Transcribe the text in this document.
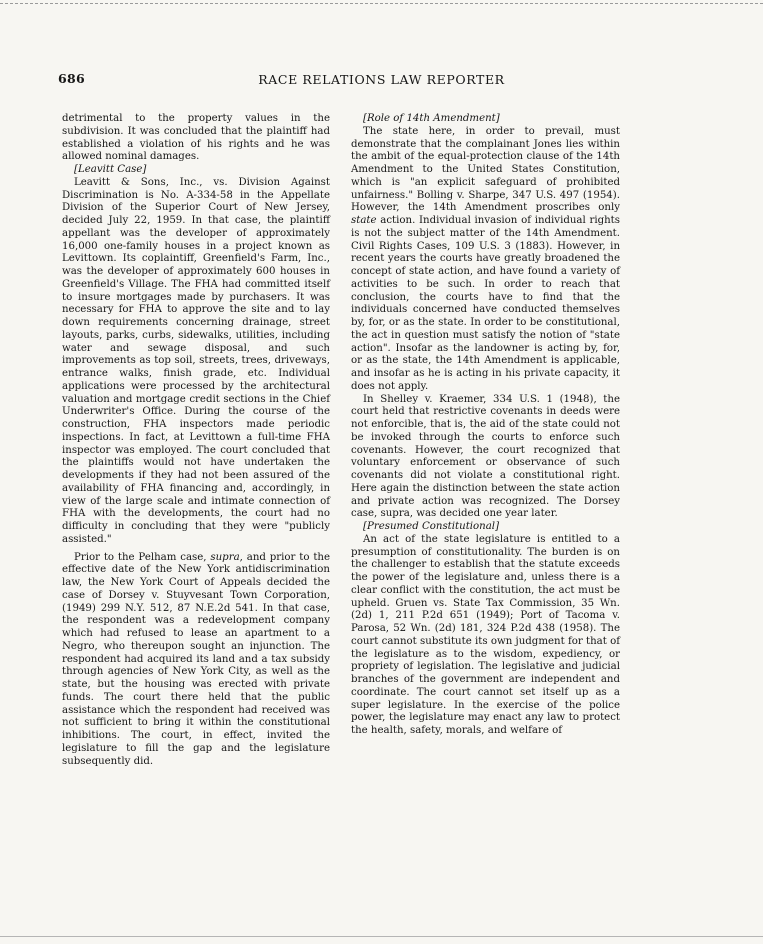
686	RACE RELATIONS LAW REPORTER

detrimental to the property values in the subdivision. It was concluded that the plaintiff had established a violation of his rights and he was allowed nominal damages.

[Leavitt Case]

Leavitt & Sons, Inc., vs. Division Against Discrimination is No. A-334-58 in the Appellate Division of the Superior Court of New Jersey, decided July 22, 1959. In that case, the plaintiff appellant was the developer of approximately 16,000 one-family houses in a project known as Levittown. Its coplaintiff, Greenfield's Farm, Inc., was the developer of approximately 600 houses in Greenfield's Village. The FHA had committed itself to insure mortgages made by purchasers. It was necessary for FHA to approve the site and to lay down requirements concerning drainage, street layouts, parks, curbs, sidewalks, utilities, including water and sewage disposal, and such improvements as top soil, streets, trees, driveways, entrance walks, finish grade, etc. Individual applications were processed by the architectural valuation and mortgage credit sections in the Chief Underwriter's Office. During the course of the construction, FHA inspectors made periodic inspections. In fact, at Levittown a full-time FHA inspector was employed. The court concluded that the plaintiffs would not have undertaken the developments if they had not been assured of the availability of FHA financing and, accordingly, in view of the large scale and intimate connection of FHA with the developments, the court had no difficulty in concluding that they were "publicly assisted."

Prior to the Pelham case, supra, and prior to the effective date of the New York antidiscrimination law, the New York Court of Appeals decided the case of Dorsey v. Stuyvesant Town Corporation, (1949) 299 N.Y. 512, 87 N.E.2d 541. In that case, the respondent was a redevelopment company which had refused to lease an apartment to a Negro, who thereupon sought an injunction. The respondent had acquired its land and a tax subsidy through agencies of New York City, as well as the state, but the housing was erected with private funds. The court there held that the public assistance which the respondent had received was not sufficient to bring it within the constitutional inhibitions. The court, in effect, invited the legislature to fill the gap and the legislature subsequently did.

[Role of 14th Amendment]

The state here, in order to prevail, must demonstrate that the complainant Jones lies within the ambit of the equal-protection clause of the 14th Amendment to the United States Constitution, which is "an explicit safeguard of prohibited unfairness." Bolling v. Sharpe, 347 U.S. 497 (1954). However, the 14th Amendment proscribes only state action. Individual invasion of individual rights is not the subject matter of the 14th Amendment. Civil Rights Cases, 109 U.S. 3 (1883). However, in recent years the courts have greatly broadened the concept of state action, and have found a variety of activities to be such. In order to reach that conclusion, the courts have to find that the individuals concerned have conducted themselves by, for, or as the state. In order to be constitutional, the act in question must satisfy the notion of "state action". Insofar as the landowner is acting by, for, or as the state, the 14th Amendment is applicable, and insofar as he is acting in his private capacity, it does not apply.

In Shelley v. Kraemer, 334 U.S. 1 (1948), the court held that restrictive covenants in deeds were not enforcible, that is, the aid of the state could not be invoked through the courts to enforce such covenants. However, the court recognized that voluntary enforcement or observance of such covenants did not violate a constitutional right. Here again the distinction between the state action and private action was recognized. The Dorsey case, supra, was decided one year later.

[Presumed Constitutional]

An act of the state legislature is entitled to a presumption of constitutionality. The burden is on the challenger to establish that the statute exceeds the power of the legislature and, unless there is a clear conflict with the constitution, the act must be upheld. Gruen vs. State Tax Commission, 35 Wn. (2d) 1, 211 P.2d 651 (1949); Port of Tacoma v. Parosa, 52 Wn. (2d) 181, 324 P.2d 438 (1958). The court cannot substitute its own judgment for that of the legislature as to the wisdom, expediency, or propriety of legislation. The legislative and judicial branches of the government are independent and coordinate. The court cannot set itself up as a super legislature. In the exercise of the police power, the legislature may enact any law to protect the health, safety, morals, and welfare of
